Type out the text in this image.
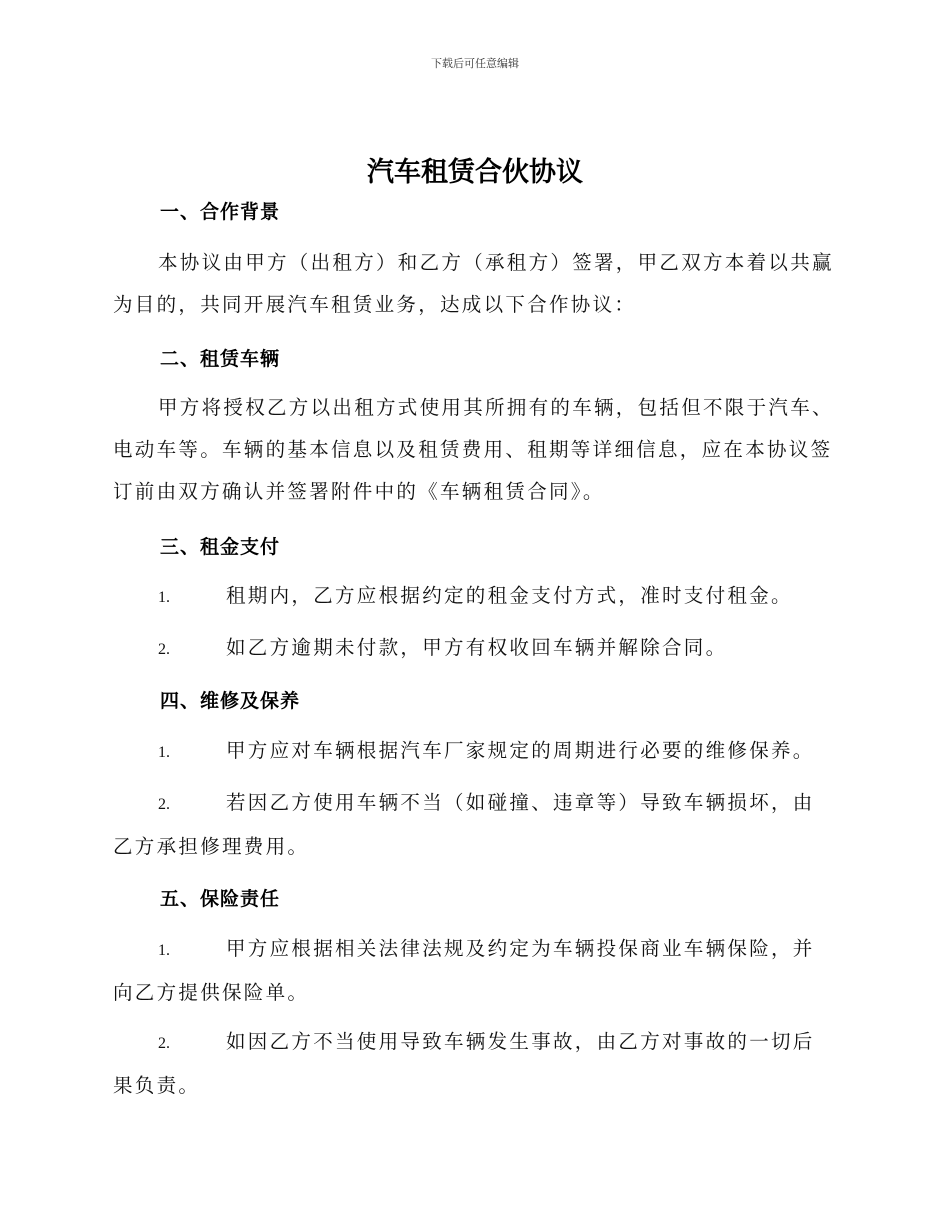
下载后可任意编辑
汽车租赁合伙协议
一、合作背景
本协议由甲方（出租方）和乙方（承租方）签署，甲乙双方本着以共赢为目的，共同开展汽车租赁业务，达成以下合作协议：
二、租赁车辆
甲方将授权乙方以出租方式使用其所拥有的车辆，包括但不限于汽车、电动车等。车辆的基本信息以及租赁费用、租期等详细信息，应在本协议签订前由双方确认并签署附件中的《车辆租赁合同》。
三、租金支付
1.	租期内，乙方应根据约定的租金支付方式，准时支付租金。
2.	如乙方逾期未付款，甲方有权收回车辆并解除合同。
四、维修及保养
1.	甲方应对车辆根据汽车厂家规定的周期进行必要的维修保养。
2.	若因乙方使用车辆不当（如碰撞、违章等）导致车辆损坏，由乙方承担修理费用。
五、保险责任
1.	甲方应根据相关法律法规及约定为车辆投保商业车辆保险，并向乙方提供保险单。
2.	如因乙方不当使用导致车辆发生事故，由乙方对事故的一切后果负责。
